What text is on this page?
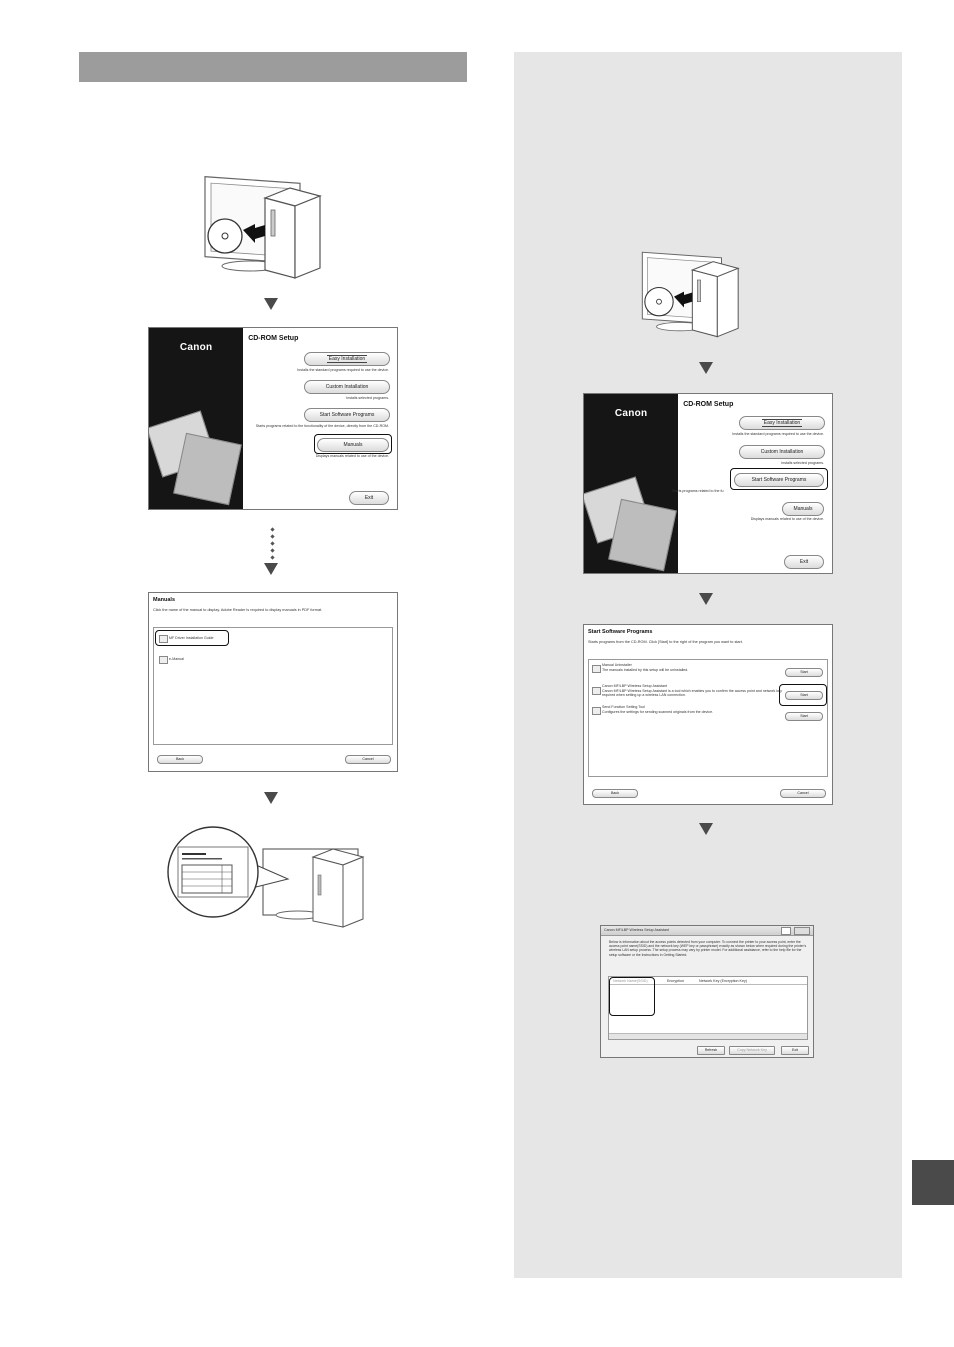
Canon
CD-ROM Setup
Easy Installation
Installs the standard programs required to use the device.
Custom Installation
Installs selected programs.
Start Software Programs
Starts programs related to the functionality of the device, directly from the CD-ROM.
Manuals
Displays manuals related to use of the device.
Exit
Manuals
Click the name of the manual to display. Adobe Reader is required to display manuals in PDF format.
MF Driver Installation Guide
e-Manual
Back	Cancel
Canon
CD-ROM Setup
Easy Installation
Installs the standard programs required to use the device.
Custom Installation
Installs selected programs.
Start Software Programs
Starts programs related to the fu
Manuals
Displays manuals related to use of the device.
Exit
Start Software Programs
Starts programs from the CD-ROM. Click [Start] to the right of the program you want to start.
Manual Uninstaller
The manuals installed by this setup will be uninstalled.	Start
Canon MF/LBP Wireless Setup Assistant
Canon MF/LBP Wireless Setup Assistant is a tool which enables you to confirm the access point and network key required when setting up a wireless LAN connection.	Start
Send Function Setting Tool
Configures the settings for sending scanned originals from the device.
Start
Back	Cancel
Canon MF/LBP Wireless Setup Assistant
Below is information about the access points detected from your computer. To connect the printer to your access point, enter the access point name(SSID) and the network key (WEP key or passphrase) exactly as shown below when required during the printer's wireless LAN setup process. The setup process may vary by printer model. For additional assistance, refer to the help file for the setup software or the Instructions in Getting Started.
Network Name(SSID)	Encryption	Network Key (Encryption Key)
Refresh	Copy Network Key	Exit
